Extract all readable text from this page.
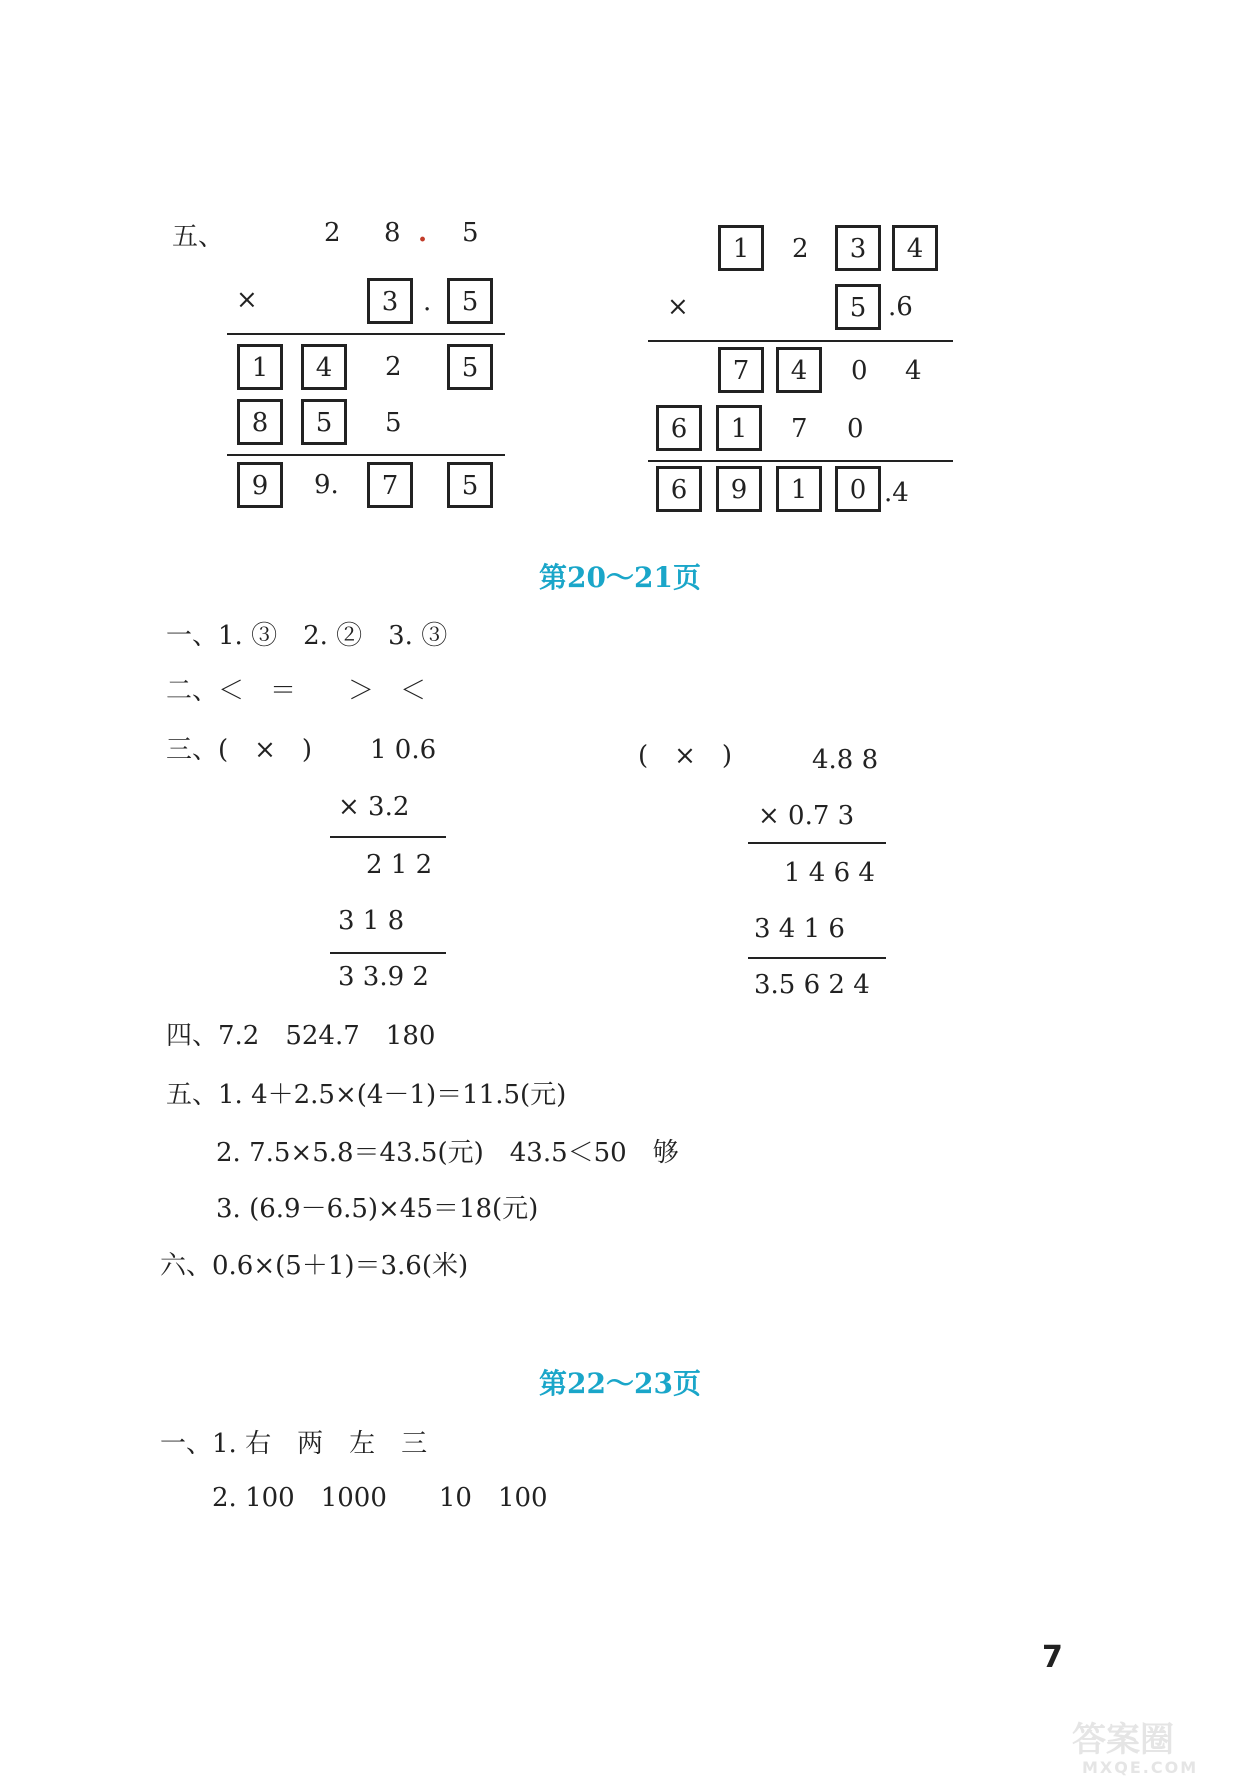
五、	2 8 . 5
×	3 .	5
1	4	2	5
8	5	5
9	9.	7	5
1	2	3	4
×	5 .6
7	4	0 4
6	1	7 0
6	9	1	0 .4
第20～21页
一、1. ③　2. ②　3. ③
二、＜　＝　　＞　＜
三、(　×　) 1 0.6
× 3.2
2 1 2
3 1 8
3 3.9 2
(　×　)	4.8 8
× 0.7 3
1 4 6 4
3 4 1 6
3.5 6 2 4
四、7.2　524.7　180
五、1. 4＋2.5×(4－1)＝11.5(元)
2. 7.5×5.8＝43.5(元)　43.5＜50　够
3. (6.9－6.5)×45＝18(元)
六、0.6×(5＋1)＝3.6(米)
第22～23页
一、1. 右　两　左　三
2. 100　1000　　10　100
7
答案圈
MXQE.COM
